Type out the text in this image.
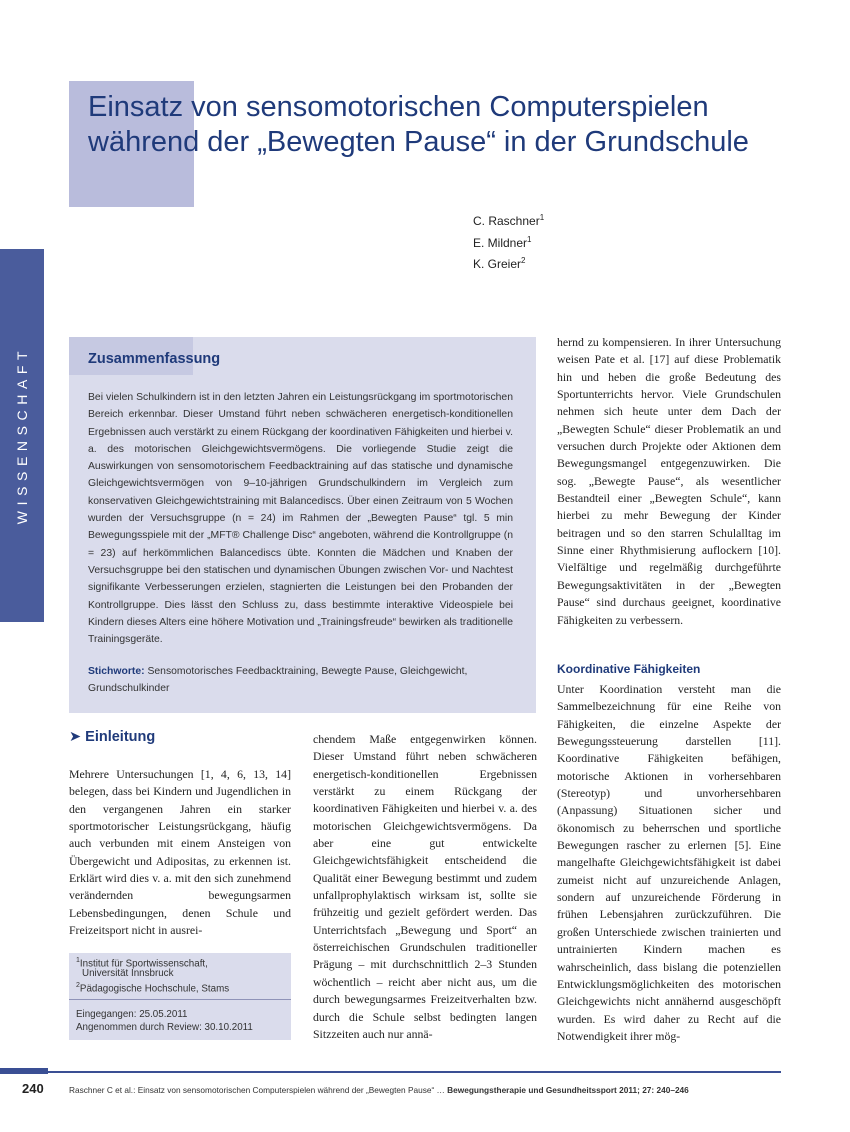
Einsatz von sensomotorischen Computerspielen während der „Bewegten Pause“ in der Grundschule
C. Raschner$^1$
E. Mildner$^1$
K. Greier$^2$
WISSENSCHAFT	Zusammenfassung

Bei vielen Schulkindern ist in den letzten Jahren ein Leistungsrückgang im sportmotorischen Bereich erkennbar. Dieser Umstand führt neben schwächeren energetisch-konditionellen Ergebnissen auch verstärkt zu einem Rückgang der koordinativen Fähigkeiten und hierbei v. a. des motorischen Gleichgewichtsvermögens. Die vorliegende Studie zeigt die Auswirkungen von sensomotorischem Feedbacktraining auf das statische und dynamische Gleichgewichtsvermögen von 9–10-jährigen Grundschulkindern im Vergleich zum konservativen Gleichgewichtstraining mit Balancediscs. Über einen Zeitraum von 5 Wochen wurden der Versuchsgruppe (n = 24) im Rahmen der „Bewegten Pause“ tgl. 5 min Bewegungsspiele mit der „MFT® Challenge Disc“ angeboten, während die Kontrollgruppe (n = 23) auf herkömmlichen Balancediscs übte. Konnten die Mädchen und Knaben der Versuchsgruppe bei den statischen und dynamischen Übungen zwischen Vor- und Nachtest signifikante Verbesserungen erzielen, stagnierten die Leistungen bei den Probanden der Kontrollgruppe. Dies lässt den Schluss zu, dass bestimmte interaktive Videospiele bei Kindern dieses Alters eine höhere Motivation und „Trainingsfreude“ bewirken als traditionelle Trainingsgeräte.

Stichworte: Sensomotorisches Feedbacktraining, Bewegte Pause, Gleichgewicht, Grundschulkinder

hernd zu kompensieren. In ihrer Untersuchung weisen Pate et al. [17] auf diese Problematik hin und heben die große Bedeutung des Sportunterrichts hervor. Viele Grundschulen nehmen sich heute unter dem Dach der „Bewegten Schule“ dieser Problematik an und versuchen durch Projekte oder Aktionen dem Bewegungsmangel entgegenzuwirken. Die sog. „Bewegte Pause“, als wesentlicher Bestandteil einer „Bewegten Schule“, kann hierbei zu mehr Bewegung der Kinder beitragen und so den starren Schulalltag im Sinne einer Rhythmisierung auflockern [10]. Vielfältige und regelmäßig durchgeführte Bewegungsaktivitäten in der „Bewegten Pause“ sind durchaus geeignet, koordinative Fähigkeiten zu verbessern.

Koordinative Fähigkeiten

Unter Koordination versteht man die Sammelbezeichnung für eine Reihe von Fähigkeiten, die einzelne Aspekte der Bewegungssteuerung darstellen [11]. Koordinative Fähigkeiten befähigen, motorische Aktionen in vorhersehbaren (Stereotyp) und unvorhersehbaren (Anpassung) Situationen sicher und ökonomisch zu beherrschen und sportliche Bewegungen rascher zu erlernen [5]. Eine mangelhafte Gleichgewichtsfähigkeit ist dabei zumeist nicht auf unzureichende Anlagen, sondern auf unzureichende Förderung in frühen Lebensjahren zurückzuführen. Die großen Unterschiede zwischen trainierten und untrainierten Kindern machen es wahrscheinlich, dass bislang die potenziellen Entwicklungsmöglichkeiten des motorischen Gleichgewichts nicht annähernd ausgeschöpft wurden. Es wird daher zu Recht auf die Notwendigkeit ihrer mög-

➤ Einleitung

Mehrere Untersuchungen [1, 4, 6, 13, 14] belegen, dass bei Kindern und Jugendlichen in den vergangenen Jahren ein starker sportmotorischer Leistungsrückgang, häufig auch verbunden mit einem Ansteigen von Übergewicht und Adipositas, zu erkennen ist. Erklärt wird dies v. a. mit den sich zunehmend verändernden bewegungsarmen Lebensbedingungen, denen Schule und Freizeitsport nicht in ausrei-

chendem Maße entgegenwirken können. Dieser Umstand führt neben schwächeren energetisch-konditionellen Ergebnissen verstärkt zu einem Rückgang der koordinativen Fähigkeiten und hierbei v. a. des motorischen Gleichgewichtsvermögens. Da aber eine gut entwickelte Gleichgewichtsfähigkeit entscheidend die Qualität einer Bewegung bestimmt und zudem unfallprophylaktisch wirksam ist, sollte sie frühzeitig und gezielt gefördert werden. Das Unterrichtsfach „Bewegung und Sport“ an österreichischen Grundschulen traditioneller Prägung – mit durchschnittlich 2–3 Stunden wöchentlich – reicht aber nicht aus, um die durch bewegungsarmes Freizeitverhalten bzw. durch die Schule selbst bedingten langen Sitzzeiten auch nur annä-

$^1$Institut für Sportwissenschaft,
Universität Innsbruck
$^2$Pädagogische Hochschule, Stams
Eingegangen: 25.05.2011
Angenommen durch Review: 30.10.2011
240	Raschner C et al.: Einsatz von sensomotorischen Computerspielen während der „Bewegten Pause“ … Bewegungstherapie und Gesundheitssport 2011; 27: 240–246
